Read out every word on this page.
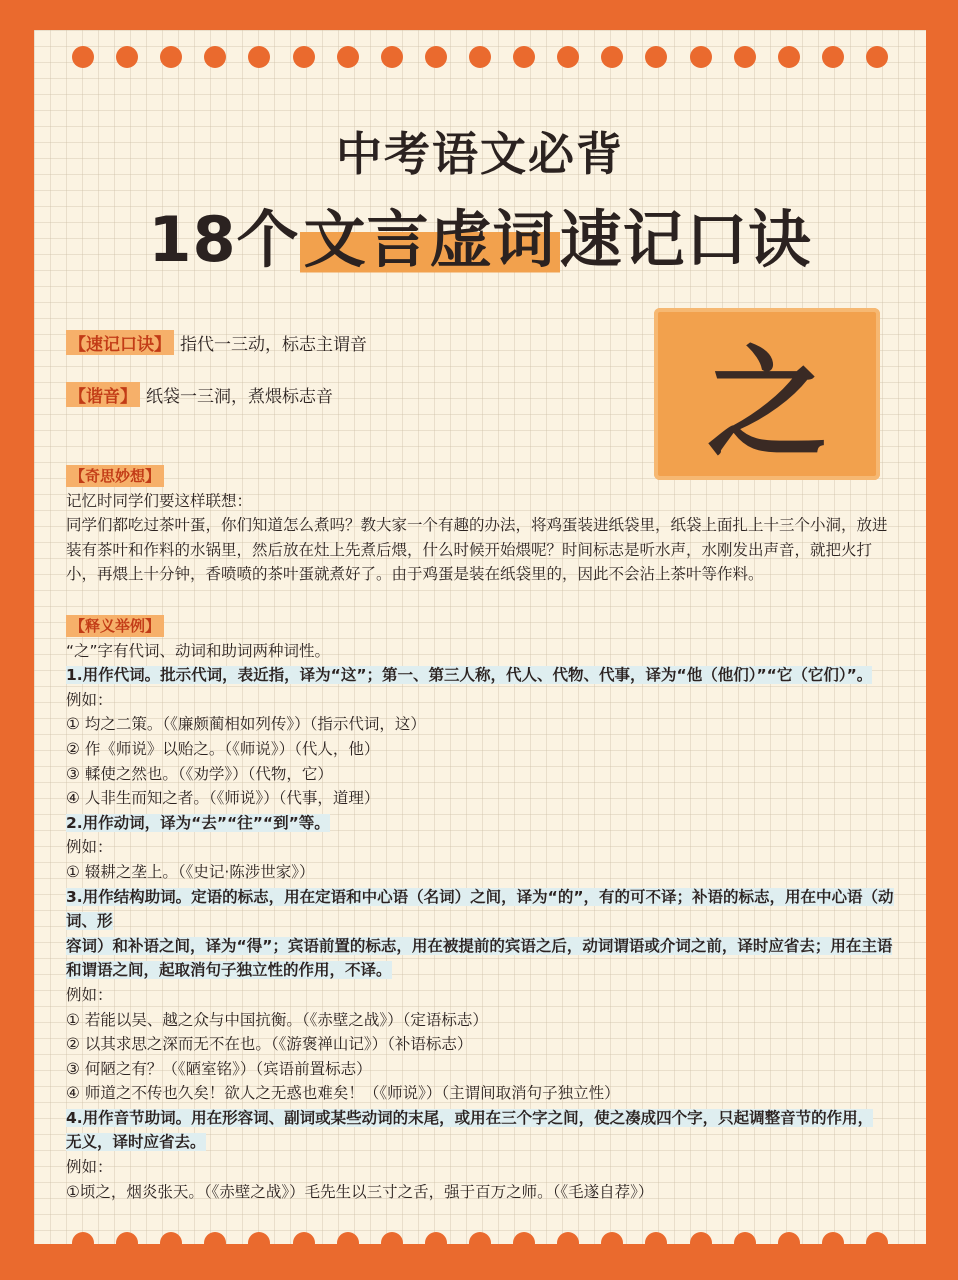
中考语文必背
18个文言虚词速记口诀
之
【速记口诀】 指代一三动，标志主谓音
【谐音】 纸袋一三洞，煮煨标志音
【奇思妙想】

记忆时同学们要这样联想：

同学们都吃过茶叶蛋，你们知道怎么煮吗？教大家一个有趣的办法，将鸡蛋装进纸袋里，纸袋上面扎上十三个小洞，放进装有茶叶和作料的水锅里，然后放在灶上先煮后煨，什么时候开始煨呢？时间标志是听水声，水刚发出声音，就把火打小，再煨上十分钟，香喷喷的茶叶蛋就煮好了。由于鸡蛋是装在纸袋里的，因此不会沾上茶叶等作料。

【释义举例】

“之”字有代词、动词和助词两种词性。

1.用作代词。批示代词，表近指，译为“这”；第一、第三人称，代人、代物、代事，译为“他（他们）”“它（它们）”。

例如：

① 均之二策。（《廉颇蔺相如列传》）（指示代词，这）

② 作《师说》以贻之。（《师说》）（代人，他）

③ 輮使之然也。（《劝学》）（代物，它）

④ 人非生而知之者。（《师说》）（代事，道理）

2.用作动词，译为“去”“往”“到”等。

例如：

① 辍耕之垄上。（《史记·陈涉世家》）

3.用作结构助词。定语的标志，用在定语和中心语（名词）之间，译为“的”，有的可不译；补语的标志，用在中心语（动词、形

容词）和补语之间，译为“得”；宾语前置的标志，用在被提前的宾语之后，动词谓语或介词之前，译时应省去；用在主语

和谓语之间，起取消句子独立性的作用，不译。

例如：

① 若能以吴、越之众与中国抗衡。（《赤壁之战》）（定语标志）

② 以其求思之深而无不在也。（《游褒禅山记》）（补语标志）

③ 何陋之有？（《陋室铭》）（宾语前置标志）

④ 师道之不传也久矣！欲人之无惑也难矣！（《师说》）（主谓间取消句子独立性）

4.用作音节助词。用在形容词、副词或某些动词的末尾，或用在三个字之间，使之凑成四个字，只起调整音节的作用，

无义，译时应省去。

例如：

①顷之，烟炎张天。（《赤壁之战》）毛先生以三寸之舌，强于百万之师。（《毛遂自荐》）
